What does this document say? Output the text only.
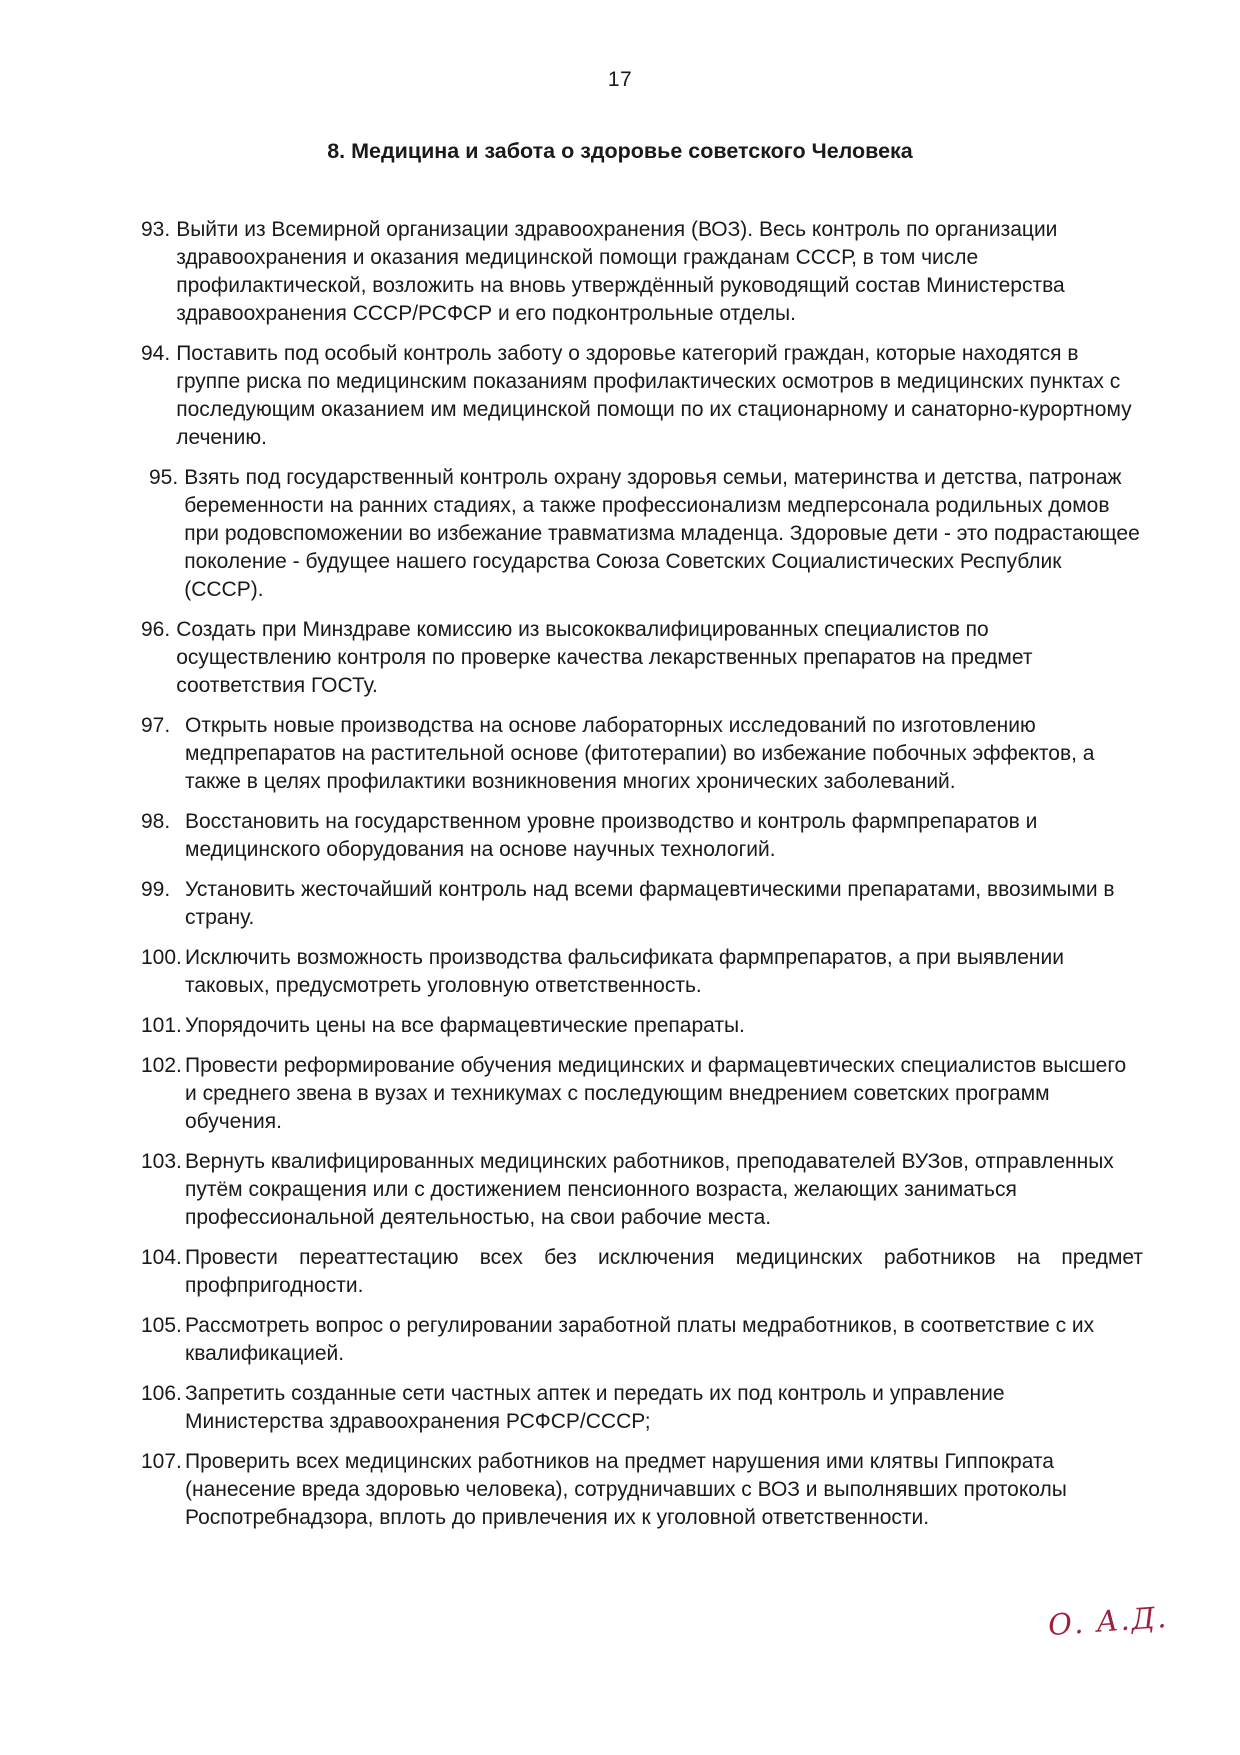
17
8. Медицина и забота о здоровье советского Человека
93. Выйти из Всемирной организации здравоохранения (ВОЗ). Весь контроль по организации здравоохранения и оказания медицинской помощи гражданам СССР, в том числе профилактической, возложить на вновь утверждённый руководящий состав Министерства здравоохранения СССР/РСФСР и его подконтрольные отделы.
94. Поставить под особый контроль заботу о здоровье категорий граждан, которые находятся в группе риска по медицинским показаниям профилактических осмотров в медицинских пунктах с последующим оказанием им медицинской помощи по их стационарному и санаторно-курортному лечению.
95. Взять под государственный контроль охрану здоровья семьи, материнства и детства, патронаж беременности на ранних стадиях, а также профессионализм медперсонала родильных домов при родовспоможении во избежание травматизма младенца. Здоровые дети - это подрастающее поколение - будущее нашего государства Союза Советских Социалистических Республик (СССР).
96. Создать при Минздраве комиссию из высококвалифицированных специалистов по осуществлению контроля по проверке качества лекарственных препаратов на предмет соответствия ГОСТу.
97. Открыть новые производства на основе лабораторных исследований по изготовлению медпрепаратов на растительной основе (фитотерапии) во избежание побочных эффектов, а также в целях профилактики возникновения многих хронических заболеваний.
98. Восстановить на государственном уровне производство и контроль фармпрепаратов и медицинского оборудования на основе научных технологий.
99. Установить жесточайший контроль над всеми фармацевтическими препаратами, ввозимыми в страну.
100. Исключить возможность производства фальсификата фармпрепаратов, а при выявлении таковых, предусмотреть уголовную ответственность.
101. Упорядочить цены на все фармацевтические препараты.
102. Провести реформирование обучения медицинских и фармацевтических специалистов высшего и среднего звена в вузах и техникумах с последующим внедрением советских программ обучения.
103. Вернуть квалифицированных медицинских работников, преподавателей ВУЗов, отправленных путём сокращения или с достижением пенсионного возраста, желающих заниматься профессиональной деятельностью, на свои рабочие места.
104. Провести переаттестацию всех без исключения медицинских работников на предмет профпригодности.
105. Рассмотреть вопрос о регулировании заработной платы медработников, в соответствие с их квалификацией.
106. Запретить созданные сети частных аптек и передать их под контроль и управление Министерства здравоохранения РСФСР/СССР;
107. Проверить всех медицинских работников на предмет нарушения ими клятвы Гиппократа (нанесение вреда здоровью человека), сотрудничавших с ВОЗ и выполнявших протоколы Роспотребнадзора, вплоть до привлечения их к уголовной ответственности.
О. А.Д.
